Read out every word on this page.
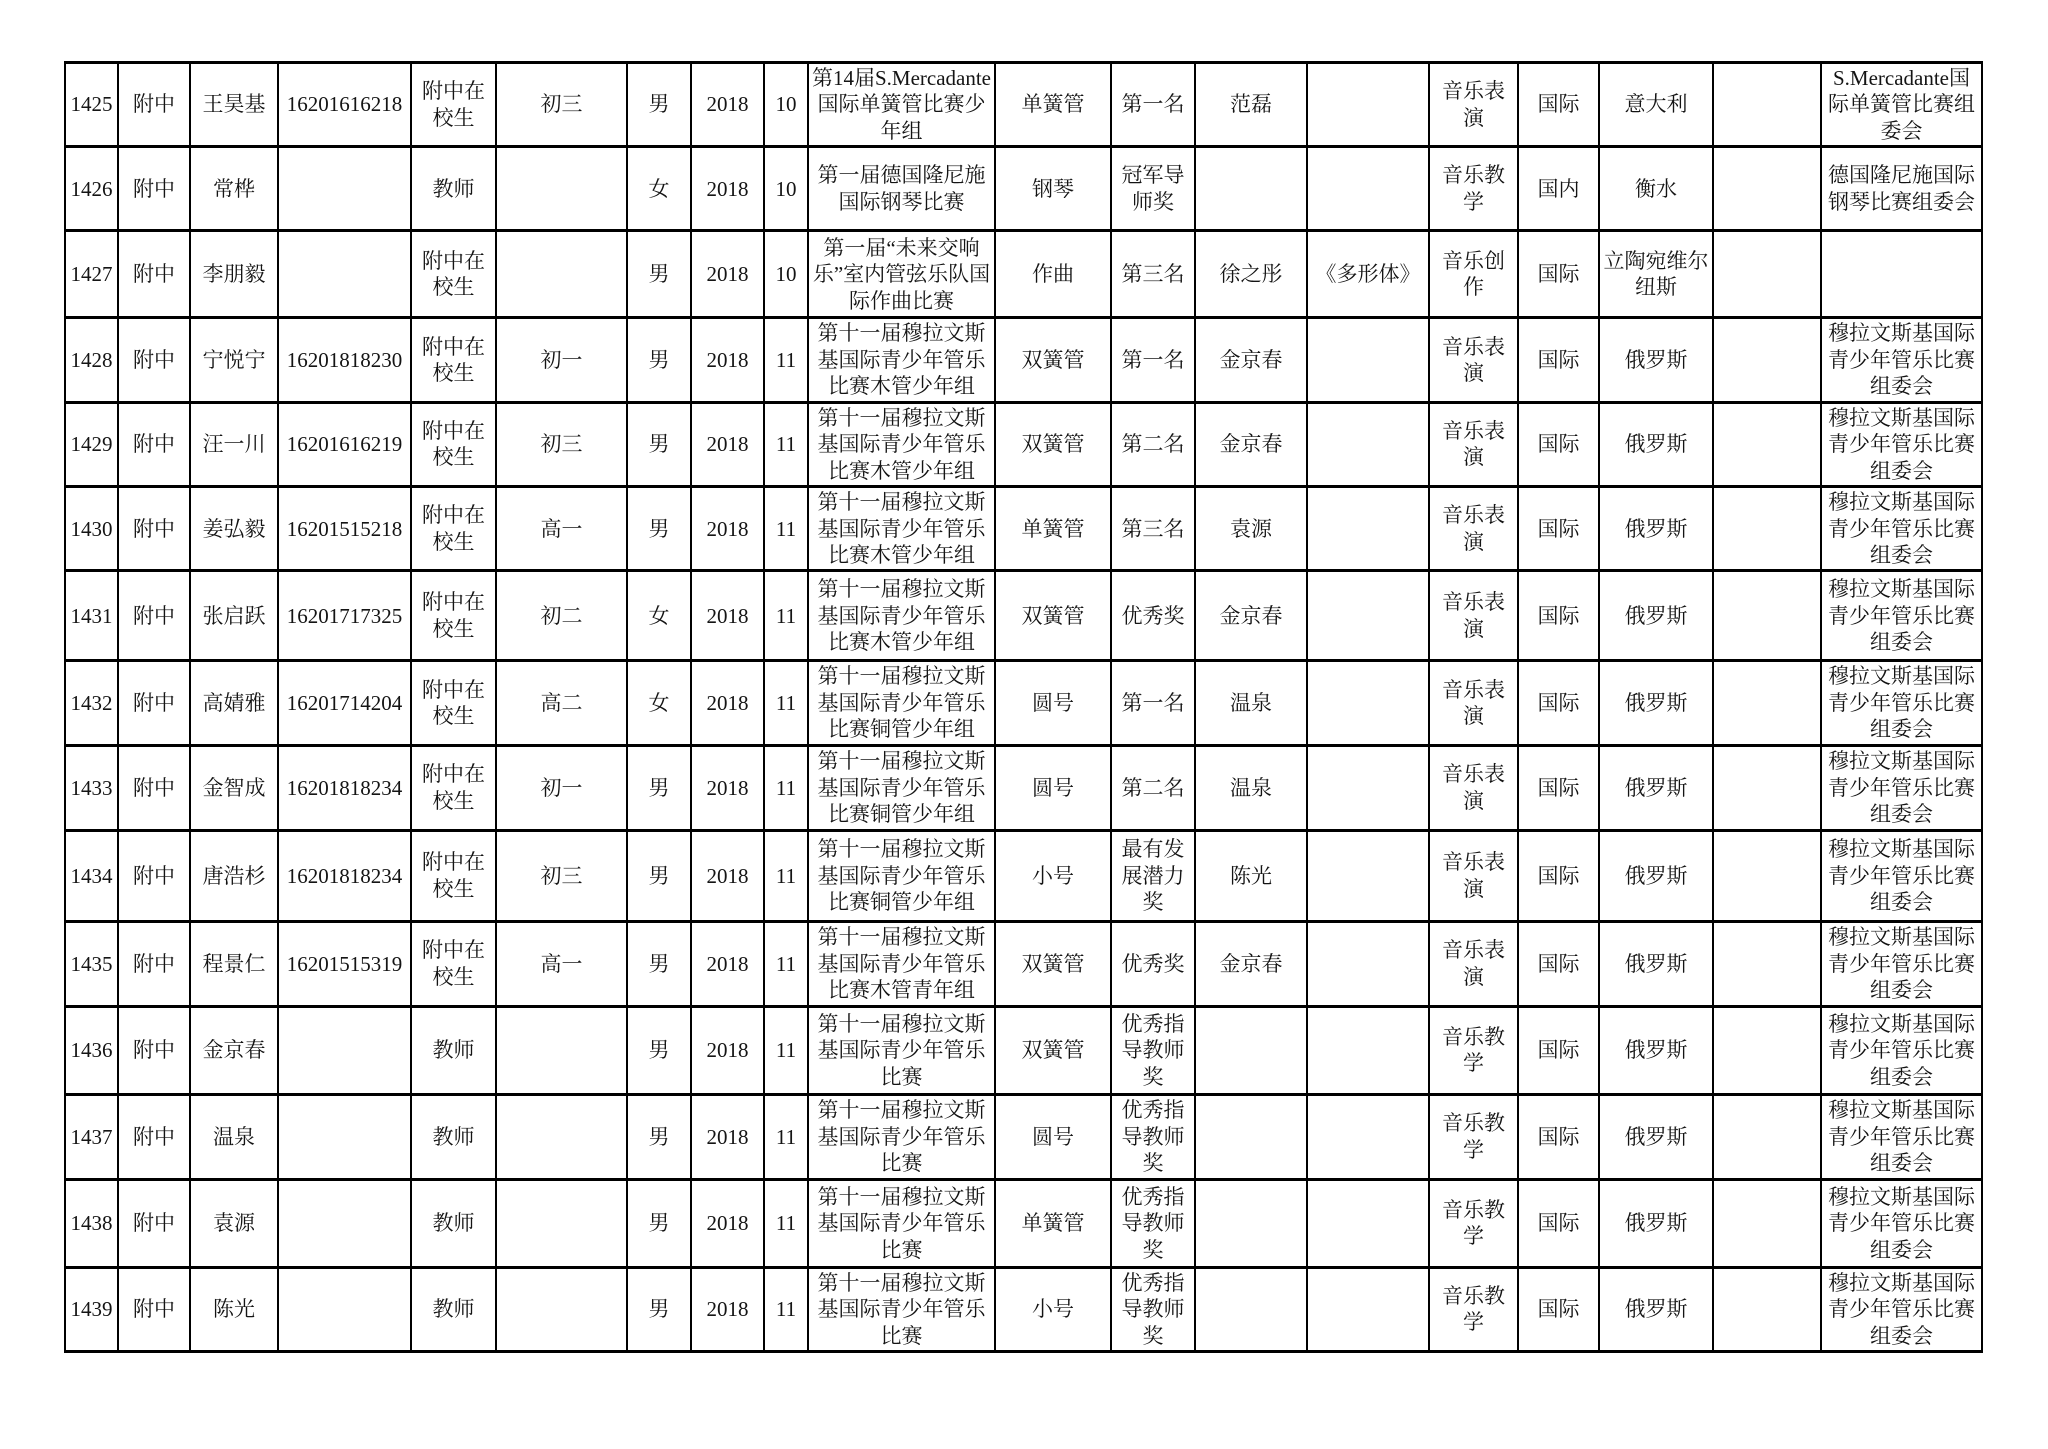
1425	附中	王昊基	16201616218	附中在校生	初三	男	2018	10	第14届S.Mercadante国际单簧管比赛少年组	单簧管	第一名	范磊		音乐表演	国际	意大利		S.Mercadante国际单簧管比赛组委会
1426	附中	常桦		教师		女	2018	10	第一届德国隆尼施国际钢琴比赛	钢琴	冠军导师奖			音乐教学	国内	衡水		德国隆尼施国际钢琴比赛组委会
1427	附中	李朋毅		附中在校生		男	2018	10	第一届“未来交响乐”室内管弦乐队国际作曲比赛	作曲	第三名	徐之彤	《多形体》	音乐创作	国际	立陶宛维尔纽斯		
1428	附中	宁悦宁	16201818230	附中在校生	初一	男	2018	11	第十一届穆拉文斯基国际青少年管乐比赛木管少年组	双簧管	第一名	金京春		音乐表演	国际	俄罗斯		穆拉文斯基国际青少年管乐比赛组委会
1429	附中	汪一川	16201616219	附中在校生	初三	男	2018	11	第十一届穆拉文斯基国际青少年管乐比赛木管少年组	双簧管	第二名	金京春		音乐表演	国际	俄罗斯		穆拉文斯基国际青少年管乐比赛组委会
1430	附中	姜弘毅	16201515218	附中在校生	高一	男	2018	11	第十一届穆拉文斯基国际青少年管乐比赛木管少年组	单簧管	第三名	袁源		音乐表演	国际	俄罗斯		穆拉文斯基国际青少年管乐比赛组委会
1431	附中	张启跃	16201717325	附中在校生	初二	女	2018	11	第十一届穆拉文斯基国际青少年管乐比赛木管少年组	双簧管	优秀奖	金京春		音乐表演	国际	俄罗斯		穆拉文斯基国际青少年管乐比赛组委会
1432	附中	高婧雅	16201714204	附中在校生	高二	女	2018	11	第十一届穆拉文斯基国际青少年管乐比赛铜管少年组	圆号	第一名	温泉		音乐表演	国际	俄罗斯		穆拉文斯基国际青少年管乐比赛组委会
1433	附中	金智成	16201818234	附中在校生	初一	男	2018	11	第十一届穆拉文斯基国际青少年管乐比赛铜管少年组	圆号	第二名	温泉		音乐表演	国际	俄罗斯		穆拉文斯基国际青少年管乐比赛组委会
1434	附中	唐浩杉	16201818234	附中在校生	初三	男	2018	11	第十一届穆拉文斯基国际青少年管乐比赛铜管少年组	小号	最有发展潜力奖	陈光		音乐表演	国际	俄罗斯		穆拉文斯基国际青少年管乐比赛组委会
1435	附中	程景仁	16201515319	附中在校生	高一	男	2018	11	第十一届穆拉文斯基国际青少年管乐比赛木管青年组	双簧管	优秀奖	金京春		音乐表演	国际	俄罗斯		穆拉文斯基国际青少年管乐比赛组委会
1436	附中	金京春		教师		男	2018	11	第十一届穆拉文斯基国际青少年管乐比赛	双簧管	优秀指导教师奖			音乐教学	国际	俄罗斯		穆拉文斯基国际青少年管乐比赛组委会
1437	附中	温泉		教师		男	2018	11	第十一届穆拉文斯基国际青少年管乐比赛	圆号	优秀指导教师奖			音乐教学	国际	俄罗斯		穆拉文斯基国际青少年管乐比赛组委会
1438	附中	袁源		教师		男	2018	11	第十一届穆拉文斯基国际青少年管乐比赛	单簧管	优秀指导教师奖			音乐教学	国际	俄罗斯		穆拉文斯基国际青少年管乐比赛组委会
1439	附中	陈光		教师		男	2018	11	第十一届穆拉文斯基国际青少年管乐比赛	小号	优秀指导教师奖			音乐教学	国际	俄罗斯		穆拉文斯基国际青少年管乐比赛组委会
